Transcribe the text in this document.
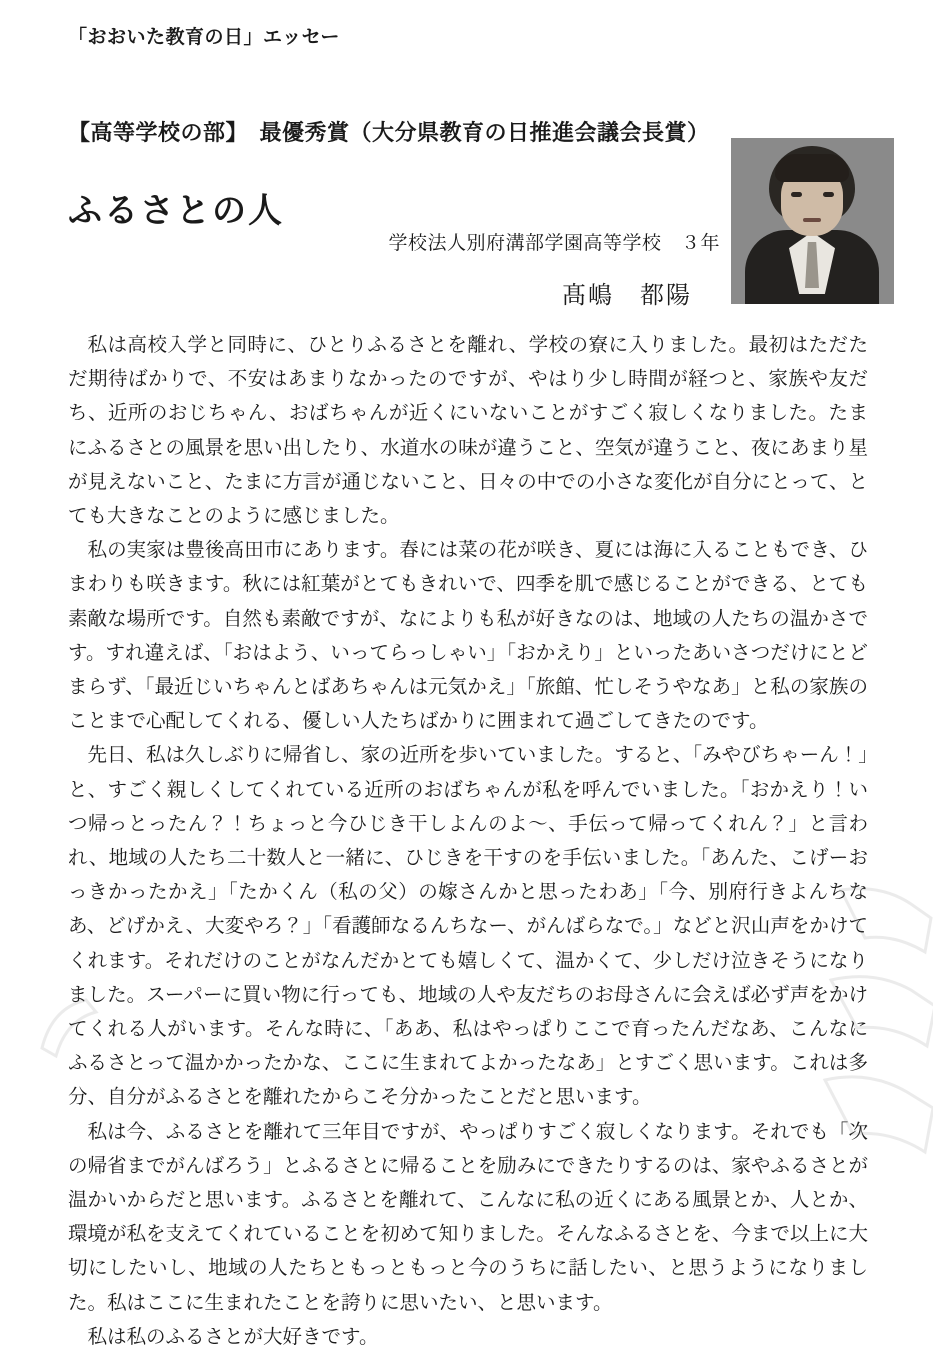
「おおいた教育の日」エッセー
【高等学校の部】　最優秀賞（大分県教育の日推進会議会長賞）
ふるさとの人
学校法人別府溝部学園高等学校　３年
髙嶋　都陽

私は高校入学と同時に、ひとりふるさとを離れ、学校の寮に入りました。最初はただただ期待ばかりで、不安はあまりなかったのですが、やはり少し時間が経つと、家族や友だち、近所のおじちゃん、おばちゃんが近くにいないことがすごく寂しくなりました。たまにふるさとの風景を思い出したり、水道水の味が違うこと、空気が違うこと、夜にあまり星が見えないこと、たまに方言が通じないこと、日々の中での小さな変化が自分にとって、とても大きなことのように感じました。

私の実家は豊後高田市にあります。春には菜の花が咲き、夏には海に入ることもでき、ひまわりも咲きます。秋には紅葉がとてもきれいで、四季を肌で感じることができる、とても素敵な場所です。自然も素敵ですが、なによりも私が好きなのは、地域の人たちの温かさです。すれ違えば、「おはよう、いってらっしゃい」「おかえり」といったあいさつだけにとどまらず、「最近じいちゃんとばあちゃんは元気かえ」「旅館、忙しそうやなあ」と私の家族のことまで心配してくれる、優しい人たちばかりに囲まれて過ごしてきたのです。

先日、私は久しぶりに帰省し、家の近所を歩いていました。すると、「みやびちゃーん！」と、すごく親しくしてくれている近所のおばちゃんが私を呼んでいました。「おかえり！いつ帰っとったん？！ちょっと今ひじき干しよんのよ〜、手伝って帰ってくれん？」と言われ、地域の人たち二十数人と一緒に、ひじきを干すのを手伝いました。「あんた、こげーおっきかったかえ」「たかくん（私の父）の嫁さんかと思ったわあ」「今、別府行きよんちなあ、どげかえ、大変やろ？」「看護師なるんちなー、がんばらなで。」などと沢山声をかけてくれます。それだけのことがなんだかとても嬉しくて、温かくて、少しだけ泣きそうになりました。スーパーに買い物に行っても、地域の人や友だちのお母さんに会えば必ず声をかけてくれる人がいます。そんな時に、「ああ、私はやっぱりここで育ったんだなあ、こんなにふるさとって温かかったかな、ここに生まれてよかったなあ」とすごく思います。これは多分、自分がふるさとを離れたからこそ分かったことだと思います。

私は今、ふるさとを離れて三年目ですが、やっぱりすごく寂しくなります。それでも「次の帰省までがんばろう」とふるさとに帰ることを励みにできたりするのは、家やふるさとが温かいからだと思います。ふるさとを離れて、こんなに私の近くにある風景とか、人とか、環境が私を支えてくれていることを初めて知りました。そんなふるさとを、今まで以上に大切にしたいし、地域の人たちともっともっと今のうちに話したい、と思うようになりました。私はここに生まれたことを誇りに思いたい、と思います。

私は私のふるさとが大好きです。
